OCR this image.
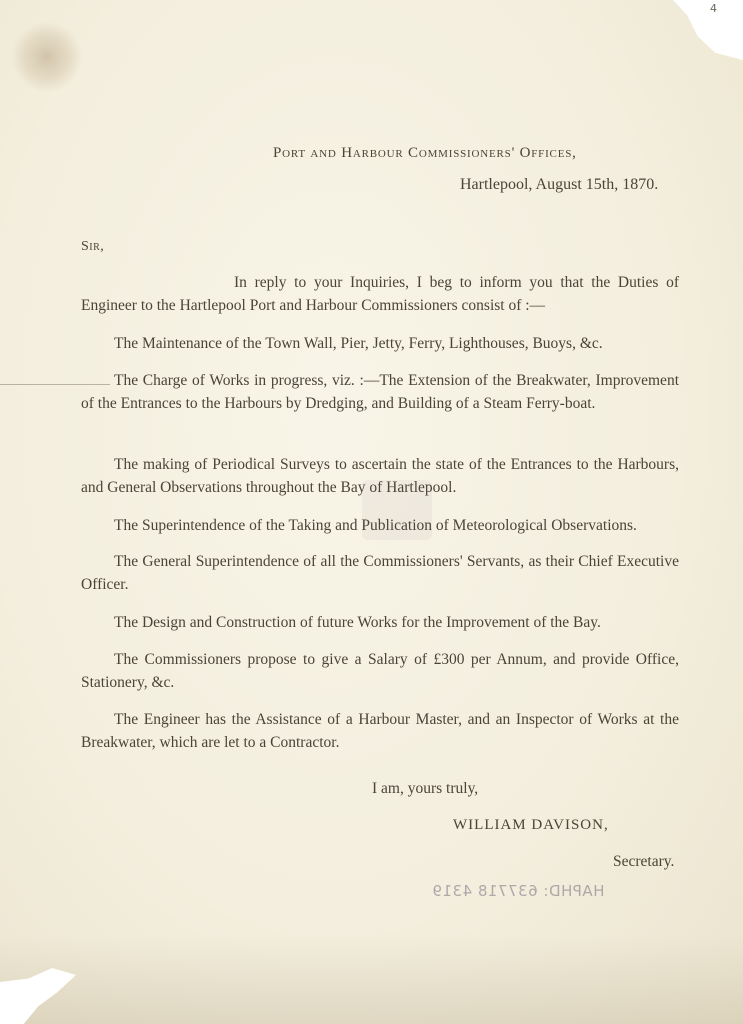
4
Port and Harbour Commissioners' Offices,
Hartlepool, August 15th, 1870.
Sir,
In reply to your Inquiries, I beg to inform you that the Duties of Engineer to the Hartlepool Port and Harbour Commissioners consist of :—
The Maintenance of the Town Wall, Pier, Jetty, Ferry, Lighthouses, Buoys, &c.
The Charge of Works in progress, viz. :—The Extension of the Breakwater, Improvement of the Entrances to the Harbours by Dredging, and Building of a Steam Ferry-boat.
The making of Periodical Surveys to ascertain the state of the Entrances to the Harbours, and General Observations throughout the Bay of Hartlepool.
The Superintendence of the Taking and Publication of Meteorological Observations.
The General Superintendence of all the Commissioners' Servants, as their Chief Executive Officer.
The Design and Construction of future Works for the Improvement of the Bay.
The Commissioners propose to give a Salary of £300 per Annum, and provide Office, Stationery, &c.
The Engineer has the Assistance of a Harbour Master, and an Inspector of Works at the Breakwater, which are let to a Contractor.
I am, yours truly,
WILLIAM DAVISON,
Secretary.
HAPHD: 637718 4319
